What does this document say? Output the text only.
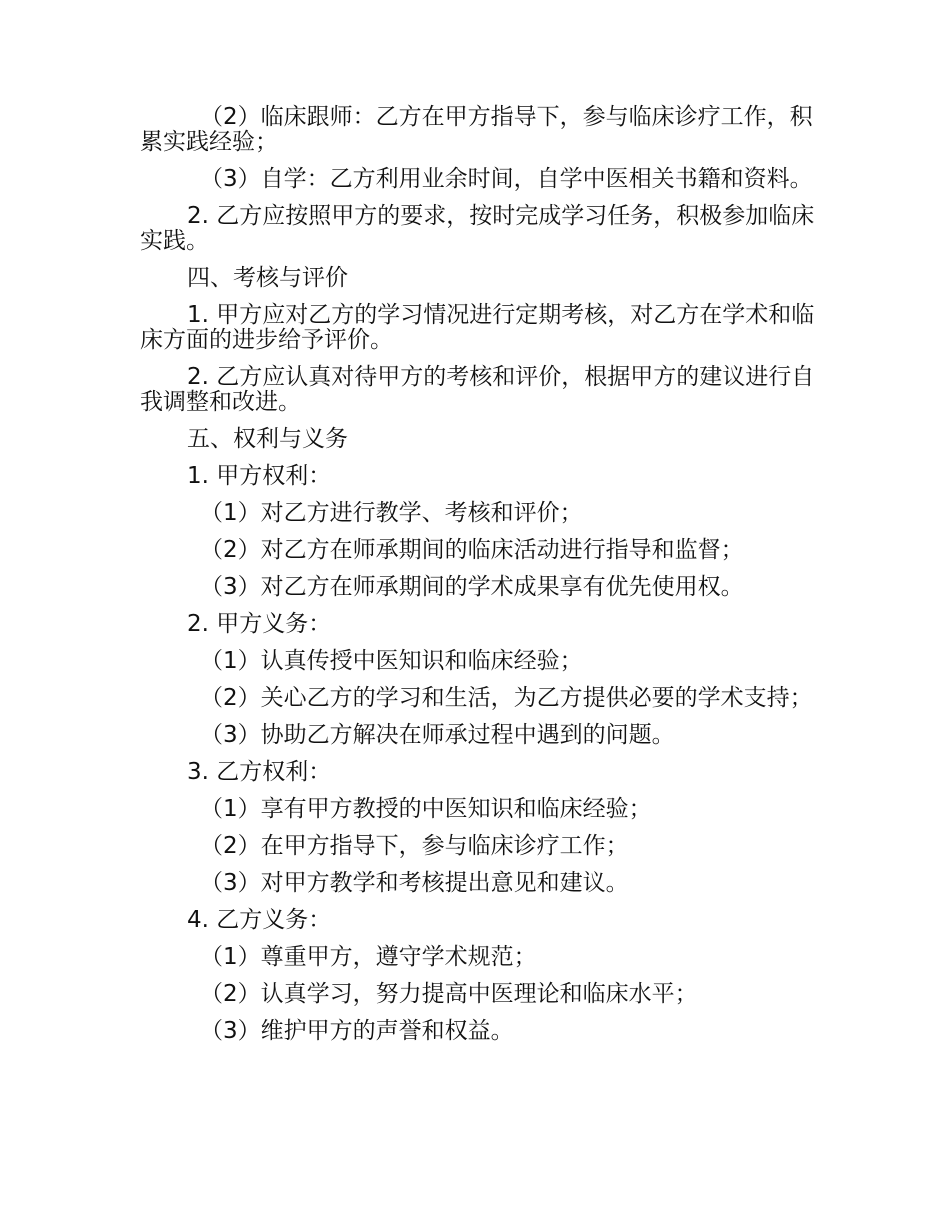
（2）临床跟师：乙方在甲方指导下，参与临床诊疗工作，积累实践经验；

（3）自学：乙方利用业余时间，自学中医相关书籍和资料。

2. 乙方应按照甲方的要求，按时完成学习任务，积极参加临床实践。

四、考核与评价

1. 甲方应对乙方的学习情况进行定期考核，对乙方在学术和临床方面的进步给予评价。

2. 乙方应认真对待甲方的考核和评价，根据甲方的建议进行自我调整和改进。

五、权利与义务

1. 甲方权利：

（1）对乙方进行教学、考核和评价；

（2）对乙方在师承期间的临床活动进行指导和监督；

（3）对乙方在师承期间的学术成果享有优先使用权。

2. 甲方义务：

（1）认真传授中医知识和临床经验；

（2）关心乙方的学习和生活，为乙方提供必要的学术支持；

（3）协助乙方解决在师承过程中遇到的问题。

3. 乙方权利：

（1）享有甲方教授的中医知识和临床经验；

（2）在甲方指导下，参与临床诊疗工作；

（3）对甲方教学和考核提出意见和建议。

4. 乙方义务：

（1）尊重甲方，遵守学术规范；

（2）认真学习，努力提高中医理论和临床水平；

（3）维护甲方的声誉和权益。
